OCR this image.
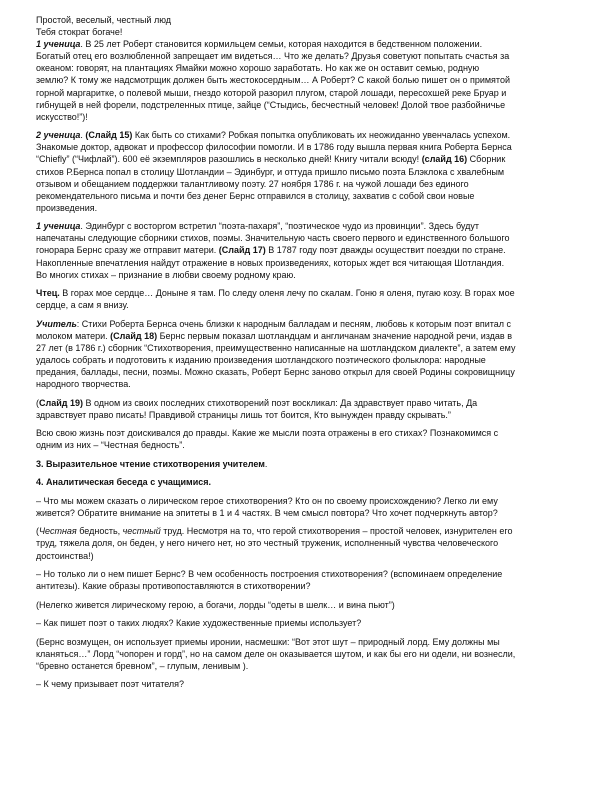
Простой, веселый, честный люд
Тебя стократ богаче!
1 ученица. В 25 лет Роберт становится кормильцем семьи, которая находится в бедственном положении.
Богатый отец его возлюбленной запрещает им видеться… Что же делать? Друзья советуют попытать счастья за
океаном: говорят, на плантациях Ямайки можно хорошо заработать. Но как же он оставит семью, родную
землю? К тому же надсмотрщик должен быть жестокосердным… А Роберт? С какой болью пишет он о примятой
горной маргаритке, о полевой мыши, гнездо которой разорил плугом, старой лошади, пересохшей реке Бруар и
гибнущей в ней форели, подстреленных птице, зайце (“Стыдись, бесчестный человек! Долой твое разбойничье
искусство!”)!
2 ученица. (Слайд 15) Как быть со стихами? Робкая попытка опубликовать их неожиданно увенчалась успехом.
Знакомые доктор, адвокат и профессор философии помогли. И в 1786 году вышла первая книга Роберта Бернса
“Chiefly” (“Чифлай”). 600 её экземпляров разошлись в несколько дней! Книгу читали всюду! (слайд 16) Сборник
стихов Р.Бернса попал в столицу Шотландии – Эдинбург, и оттуда пришло письмо поэта Блэклока с хвалебным
отзывом и обещанием поддержки талантливому поэту. 27 ноября 1786 г. на чужой лошади без единого
рекомендательного письма и почти без денег Бернс отправился в столицу, захватив с собой свои новые
произведения.
1 ученица. Эдинбург с восторгом встретил “поэта-пахаря”, “поэтическое чудо из провинции”. Здесь будут
напечатаны следующие сборники стихов, поэмы. Значительную часть своего первого и единственного большого
гонорара Бернс сразу же отправит матери. (Слайд 17) В 1787 году поэт дважды осуществит поездки по стране.
Накопленные впечатления найдут отражение в новых произведениях, которых ждет вся читающая Шотландия.
Во многих стихах – признание в любви своему родному краю.
Чтец. В горах мое сердце… Доныне я там. По следу оленя лечу по скалам. Гоню я оленя, пугаю козу. В горах мое
сердце, а сам я внизу.
Учитель: Стихи Роберта Бернса очень близки к народным балладам и песням, любовь к которым поэт впитал с
молоком матери. (Слайд 18) Бернс первым показал шотландцам и англичанам значение народной речи, издав в
27 лет (в 1786 г.) сборник “Стихотворения, преимущественно написанные на шотландском диалекте”, а затем ему
удалось собрать и подготовить к изданию произведения шотландского поэтического фольклора: народные
предания, баллады, песни, поэмы. Можно сказать, Роберт Бернс заново открыл для своей Родины сокровищницу
народного творчества.
(Слайд 19) В одном из своих последних стихотворений поэт воскликал: Да здравствует право читать, Да
здравствует право писать! Правдивой страницы лишь тот боится, Кто вынужден правду скрывать.”
Всю свою жизнь поэт доискивался до правды. Какие же мысли поэта отражены в его стихах? Познакомимся с
одним из них – “Честная бедность”.
3. Выразительное чтение стихотворения учителем.
4. Аналитическая беседа с учащимися.
– Что мы можем сказать о лирическом герое стихотворения? Кто он по своему происхождению? Легко ли ему
живется? Обратите внимание на эпитеты в 1 и 4 частях. В чем смысл повтора? Что хочет подчеркнуть автор?
(Честная бедность, честный труд. Несмотря на то, что герой стихотворения – простой человек, изнурителен его
труд, тяжела доля, он беден, у него ничего нет, но это честный труженик, исполненный чувства человеческого
достоинства!)
– Но только ли о нем пишет Бернс? В чем особенность построения стихотворения? (вспоминаем определение
антитезы). Какие образы противопоставляются в стихотворении?
(Нелегко живется лирическому герою, а богачи, лорды “одеты в шелк… и вина пьют”)
– Как пишет поэт о таких людях? Какие художественные приемы использует?
(Бернс возмущен, он использует приемы иронии, насмешки: “Вот этот шут – природный лорд. Ему должны мы
кланяться…” Лорд “чопорен и горд”, но на самом деле он оказывается шутом, и как бы его ни одели, ни вознесли,
“бревно останется бревном”, – глупым, ленивым ).
– К чему призывает поэт читателя?
